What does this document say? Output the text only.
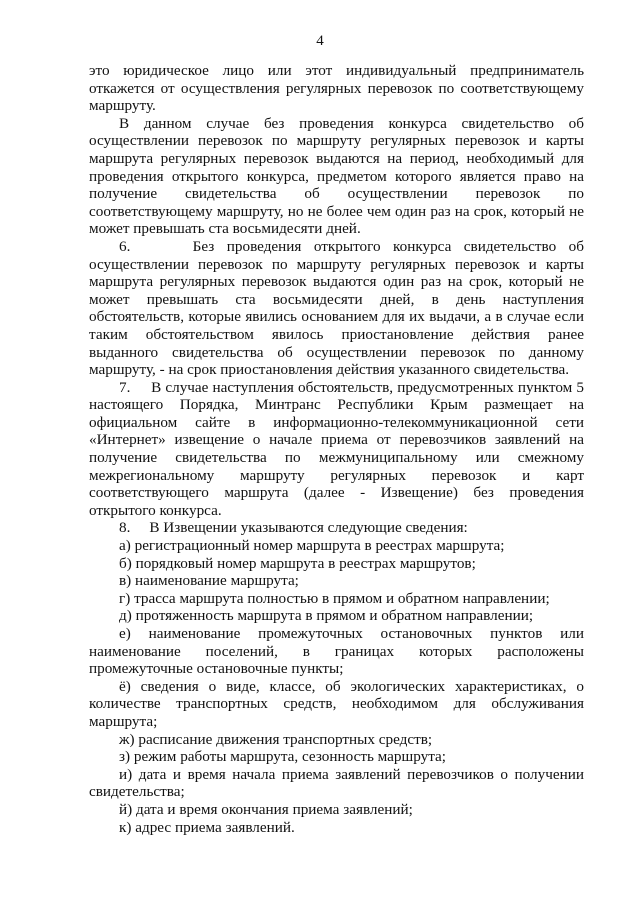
4

это юридическое лицо или этот индивидуальный предприниматель откажется от осуществления регулярных перевозок по соответствующему маршруту.

В данном случае без проведения конкурса свидетельство об осуществлении перевозок по маршруту регулярных перевозок и карты маршрута регулярных перевозок выдаются на период, необходимый для проведения открытого конкурса, предметом которого является право на получение свидетельства об осуществлении перевозок по соответствующему маршруту, но не более чем один раз на срок, который не может превышать ста восьмидесяти дней.

6.     Без проведения открытого конкурса свидетельство об осуществлении перевозок по маршруту регулярных перевозок и карты маршрута регулярных перевозок выдаются один раз на срок, который не может превышать ста восьмидесяти дней, в день наступления обстоятельств, которые явились основанием для их выдачи, а в случае если таким обстоятельством явилось приостановление действия ранее выданного свидетельства об осуществлении перевозок по данному маршруту, - на срок приостановления действия указанного свидетельства.

7.     В случае наступления обстоятельств, предусмотренных пунктом 5 настоящего Порядка, Минтранс Республики Крым размещает на официальном сайте в информационно-телекоммуникационной сети «Интернет» извещение о начале приема от перевозчиков заявлений на получение свидетельства по межмуниципальному или смежному межрегиональному маршруту регулярных перевозок и карт соответствующего маршрута (далее - Извещение) без проведения открытого конкурса.

8.     В Извещении указываются следующие сведения:

а) регистрационный номер маршрута в реестрах маршрута;

б) порядковый номер маршрута в реестрах маршрутов;

в) наименование маршрута;

г) трасса маршрута полностью в прямом и обратном направлении;

д) протяженность маршрута в прямом и обратном направлении;

е) наименование промежуточных остановочных пунктов или наименование поселений, в границах которых расположены промежуточные остановочные пункты;

ё) сведения о виде, классе, об экологических характеристиках, о количестве транспортных средств, необходимом для обслуживания маршрута;

ж) расписание движения транспортных средств;

з) режим работы маршрута, сезонность маршрута;

и) дата и время начала приема заявлений перевозчиков о получении свидетельства;

й) дата и время окончания приема заявлений;

к) адрес приема заявлений.
